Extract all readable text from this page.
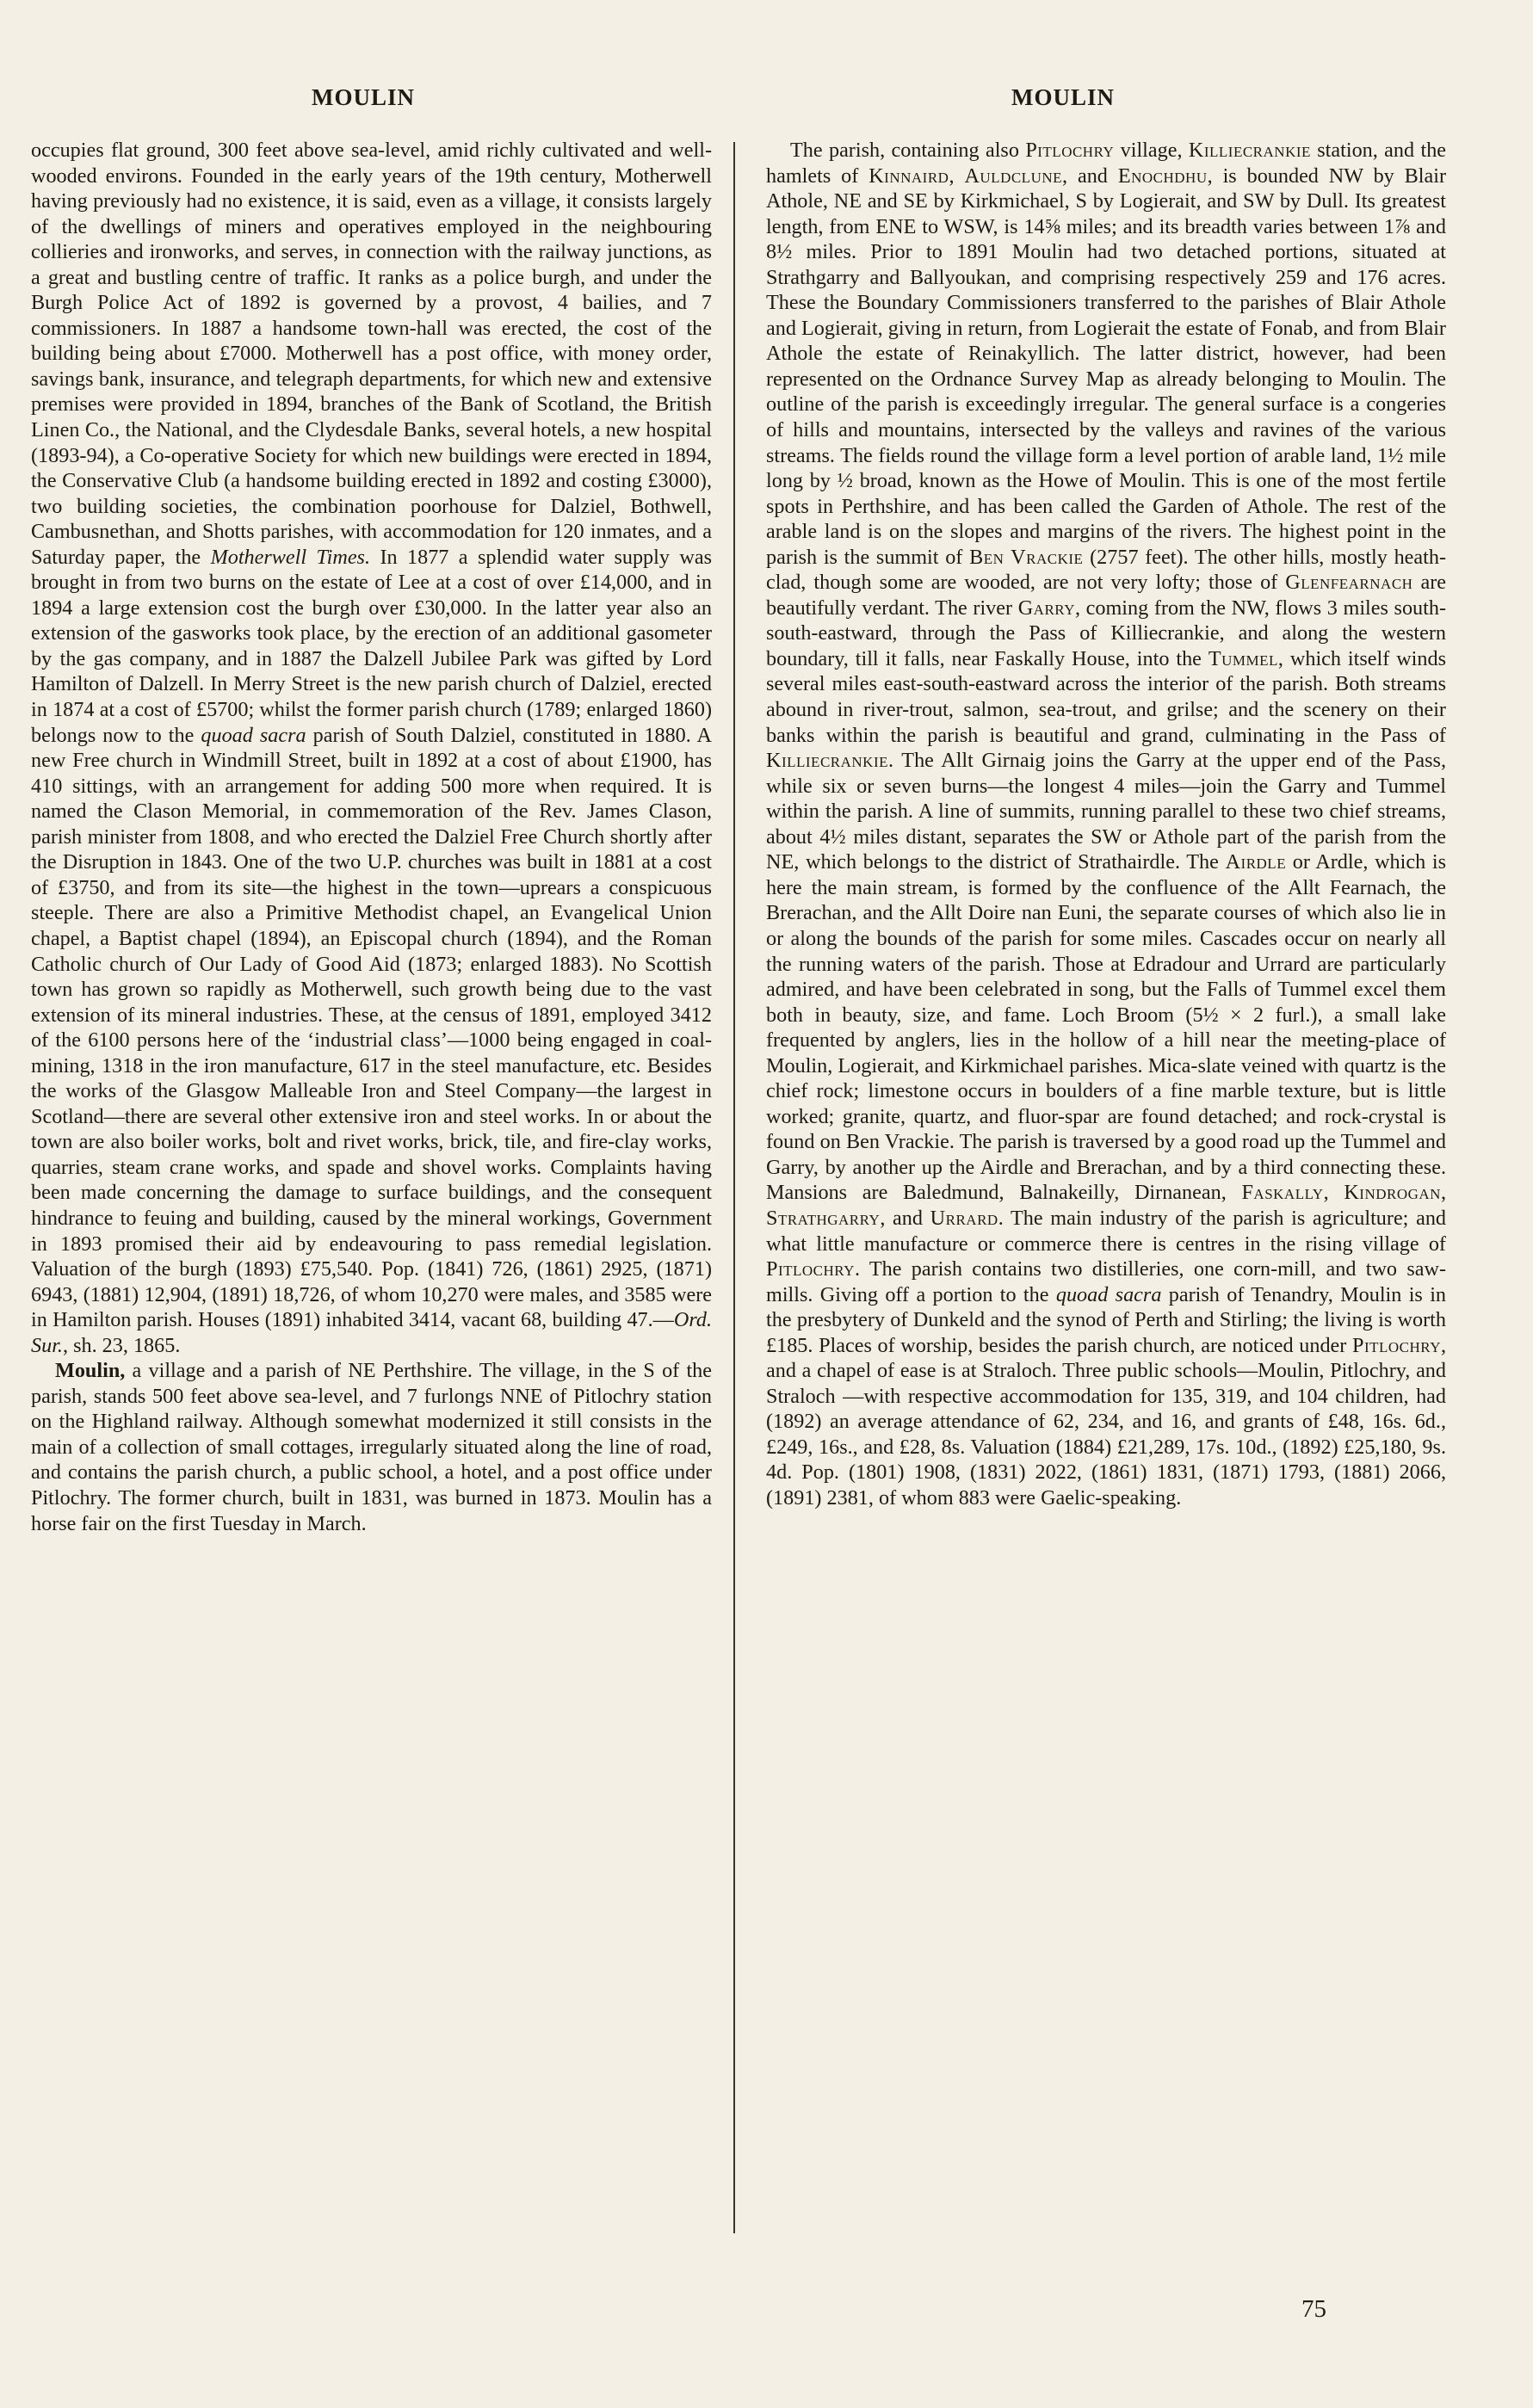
MOULIN	MOULIN

occupies flat ground, 300 feet above sea-level, amid richly cultivated and well-wooded environs. Founded in the early years of the 19th century, Motherwell having previously had no existence, it is said, even as a village, it consists largely of the dwellings of miners and operatives employed in the neighbouring collieries and ironworks, and serves, in connection with the railway junctions, as a great and bustling centre of traffic. It ranks as a police burgh, and under the Burgh Police Act of 1892 is governed by a provost, 4 bailies, and 7 commissioners. In 1887 a handsome town-hall was erected, the cost of the building being about £7000. Motherwell has a post office, with money order, savings bank, insurance, and telegraph departments, for which new and extensive premises were provided in 1894, branches of the Bank of Scotland, the British Linen Co., the National, and the Clydesdale Banks, several hotels, a new hospital (1893-94), a Co-operative Society for which new buildings were erected in 1894, the Conservative Club (a handsome building erected in 1892 and costing £3000), two building societies, the combination poorhouse for Dalziel, Bothwell, Cambusnethan, and Shotts parishes, with accommodation for 120 inmates, and a Saturday paper, the Motherwell Times. In 1877 a splendid water supply was brought in from two burns on the estate of Lee at a cost of over £14,000, and in 1894 a large extension cost the burgh over £30,000. In the latter year also an extension of the gasworks took place, by the erection of an additional gasometer by the gas company, and in 1887 the Dalzell Jubilee Park was gifted by Lord Hamilton of Dalzell. In Merry Street is the new parish church of Dalziel, erected in 1874 at a cost of £5700; whilst the former parish church (1789; enlarged 1860) belongs now to the quoad sacra parish of South Dalziel, constituted in 1880. A new Free church in Windmill Street, built in 1892 at a cost of about £1900, has 410 sittings, with an arrangement for adding 500 more when required. It is named the Clason Memorial, in commemoration of the Rev. James Clason, parish minister from 1808, and who erected the Dalziel Free Church shortly after the Disruption in 1843. One of the two U.P. churches was built in 1881 at a cost of £3750, and from its site—the highest in the town—uprears a conspicuous steeple. There are also a Primitive Methodist chapel, an Evangelical Union chapel, a Baptist chapel (1894), an Episcopal church (1894), and the Roman Catholic church of Our Lady of Good Aid (1873; enlarged 1883). No Scottish town has grown so rapidly as Motherwell, such growth being due to the vast extension of its mineral industries. These, at the census of 1891, employed 3412 of the 6100 persons here of the ‘industrial class’—1000 being engaged in coal-mining, 1318 in the iron manufacture, 617 in the steel manufacture, etc. Besides the works of the Glasgow Malleable Iron and Steel Company—the largest in Scotland—there are several other extensive iron and steel works. In or about the town are also boiler works, bolt and rivet works, brick, tile, and fire-clay works, quarries, steam crane works, and spade and shovel works. Complaints having been made concerning the damage to surface buildings, and the consequent hindrance to feuing and building, caused by the mineral workings, Government in 1893 promised their aid by endeavouring to pass remedial legislation. Valuation of the burgh (1893) £75,540. Pop. (1841) 726, (1861) 2925, (1871) 6943, (1881) 12,904, (1891) 18,726, of whom 10,270 were males, and 3585 were in Hamilton parish. Houses (1891) inhabited 3414, vacant 68, building 47.—Ord. Sur., sh. 23, 1865.

Moulin, a village and a parish of NE Perthshire. The village, in the S of the parish, stands 500 feet above sea-level, and 7 furlongs NNE of Pitlochry station on the Highland railway. Although somewhat modernized it still consists in the main of a collection of small cottages, irregularly situated along the line of road, and contains the parish church, a public school, a hotel, and a post office under Pitlochry. The former church, built in 1831, was burned in 1873. Moulin has a horse fair on the first Tuesday in March.

The parish, containing also Pitlochry village, Killiecrankie station, and the hamlets of Kinnaird, Auldclune, and Enochdhu, is bounded NW by Blair Athole, NE and SE by Kirkmichael, S by Logierait, and SW by Dull. Its greatest length, from ENE to WSW, is 14⅝ miles; and its breadth varies between 1⅞ and 8½ miles. Prior to 1891 Moulin had two detached portions, situated at Strathgarry and Ballyoukan, and comprising respectively 259 and 176 acres. These the Boundary Commissioners transferred to the parishes of Blair Athole and Logierait, giving in return, from Logierait the estate of Fonab, and from Blair Athole the estate of Reinakyllich. The latter district, however, had been represented on the Ordnance Survey Map as already belonging to Moulin. The outline of the parish is exceedingly irregular. The general surface is a congeries of hills and mountains, intersected by the valleys and ravines of the various streams. The fields round the village form a level portion of arable land, 1½ mile long by ½ broad, known as the Howe of Moulin. This is one of the most fertile spots in Perthshire, and has been called the Garden of Athole. The rest of the arable land is on the slopes and margins of the rivers. The highest point in the parish is the summit of Ben Vrackie (2757 feet). The other hills, mostly heath-clad, though some are wooded, are not very lofty; those of Glenfearnach are beautifully verdant. The river Garry, coming from the NW, flows 3 miles south-south-eastward, through the Pass of Killiecrankie, and along the western boundary, till it falls, near Faskally House, into the Tummel, which itself winds several miles east-south-eastward across the interior of the parish. Both streams abound in river-trout, salmon, sea-trout, and grilse; and the scenery on their banks within the parish is beautiful and grand, culminating in the Pass of Killiecrankie. The Allt Girnaig joins the Garry at the upper end of the Pass, while six or seven burns—the longest 4 miles—join the Garry and Tummel within the parish. A line of summits, running parallel to these two chief streams, about 4½ miles distant, separates the SW or Athole part of the parish from the NE, which belongs to the district of Strathairdle. The Airdle or Ardle, which is here the main stream, is formed by the confluence of the Allt Fearnach, the Brerachan, and the Allt Doire nan Euni, the separate courses of which also lie in or along the bounds of the parish for some miles. Cascades occur on nearly all the running waters of the parish. Those at Edradour and Urrard are particularly admired, and have been celebrated in song, but the Falls of Tummel excel them both in beauty, size, and fame. Loch Broom (5½ × 2 furl.), a small lake frequented by anglers, lies in the hollow of a hill near the meeting-place of Moulin, Logierait, and Kirkmichael parishes. Mica-slate veined with quartz is the chief rock; limestone occurs in boulders of a fine marble texture, but is little worked; granite, quartz, and fluor-spar are found detached; and rock-crystal is found on Ben Vrackie. The parish is traversed by a good road up the Tummel and Garry, by another up the Airdle and Brerachan, and by a third connecting these. Mansions are Baledmund, Balnakeilly, Dirnanean, Faskally, Kindrogan, Strathgarry, and Urrard. The main industry of the parish is agriculture; and what little manufacture or commerce there is centres in the rising village of Pitlochry. The parish contains two distilleries, one corn-mill, and two saw-mills. Giving off a portion to the quoad sacra parish of Tenandry, Moulin is in the presbytery of Dunkeld and the synod of Perth and Stirling; the living is worth £185. Places of worship, besides the parish church, are noticed under Pitlochry, and a chapel of ease is at Straloch. Three public schools—Moulin, Pitlochry, and Straloch —with respective accommodation for 135, 319, and 104 children, had (1892) an average attendance of 62, 234, and 16, and grants of £48, 16s. 6d., £249, 16s., and £28, 8s. Valuation (1884) £21,289, 17s. 10d., (1892) £25,180, 9s. 4d. Pop. (1801) 1908, (1831) 2022, (1861) 1831, (1871) 1793, (1881) 2066, (1891) 2381, of whom 883 were Gaelic-speaking.

75
